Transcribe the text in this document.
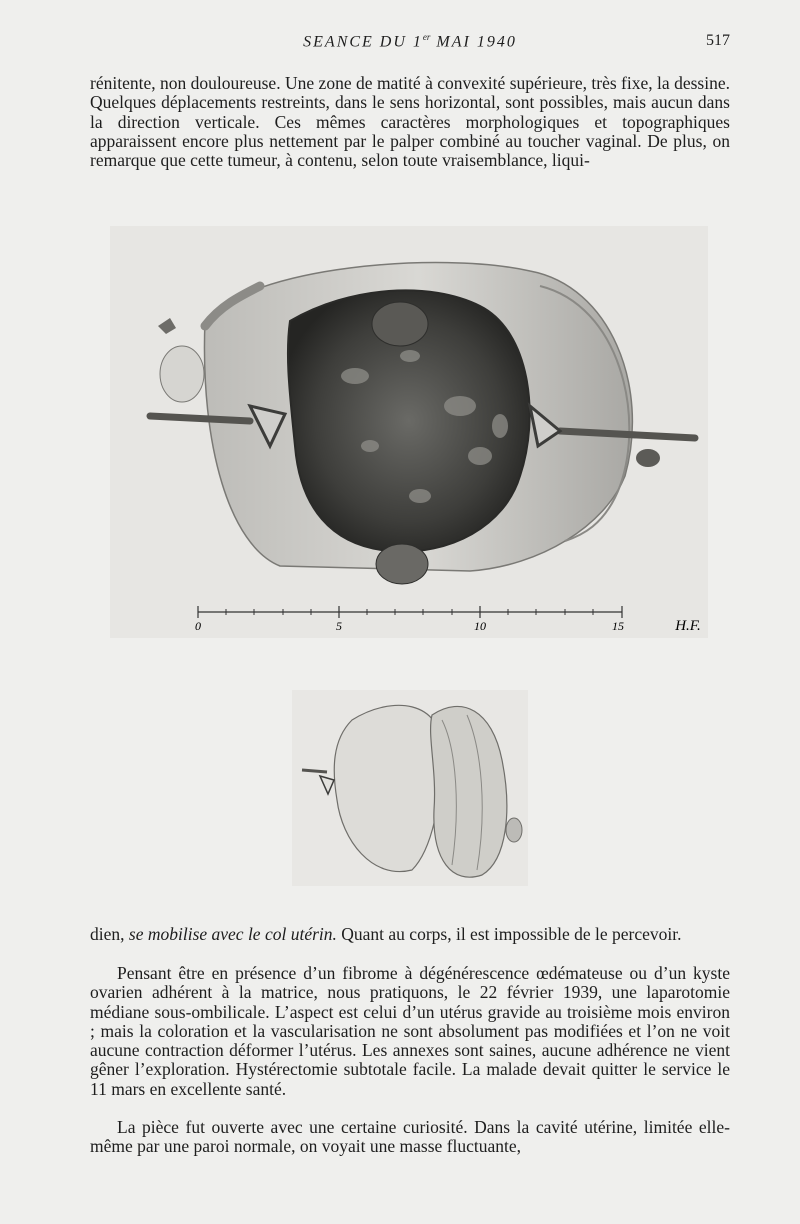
SEANCE DU 1er MAI 1940	517

rénitente, non douloureuse. Une zone de matité à convexité supérieure, très fixe, la dessine. Quelques déplacements restreints, dans le sens horizontal, sont possibles, mais aucun dans la direction verticale. Ces mêmes caractères morphologiques et topographiques apparaissent encore plus nettement par le palper combiné au toucher vaginal. De plus, on remarque que cette tumeur, à contenu, selon toute vraisemblance, liqui-

0	5	10	15	H.F.

dien, se mobilise avec le col utérin. Quant au corps, il est impossible de le percevoir.

Pensant être en présence d’un fibrome à dégénérescence œdémateuse ou d’un kyste ovarien adhérent à la matrice, nous pratiquons, le 22 février 1939, une laparotomie médiane sous-ombilicale. L’aspect est celui d’un utérus gravide au troisième mois environ ; mais la coloration et la vascularisation ne sont absolument pas modifiées et l’on ne voit aucune contraction déformer l’utérus. Les annexes sont saines, aucune adhérence ne vient gêner l’exploration. Hystérectomie subtotale facile. La malade devait quitter le service le 11 mars en excellente santé.

La pièce fut ouverte avec une certaine curiosité. Dans la cavité utérine, limitée elle-même par une paroi normale, on voyait une masse fluctuante,
